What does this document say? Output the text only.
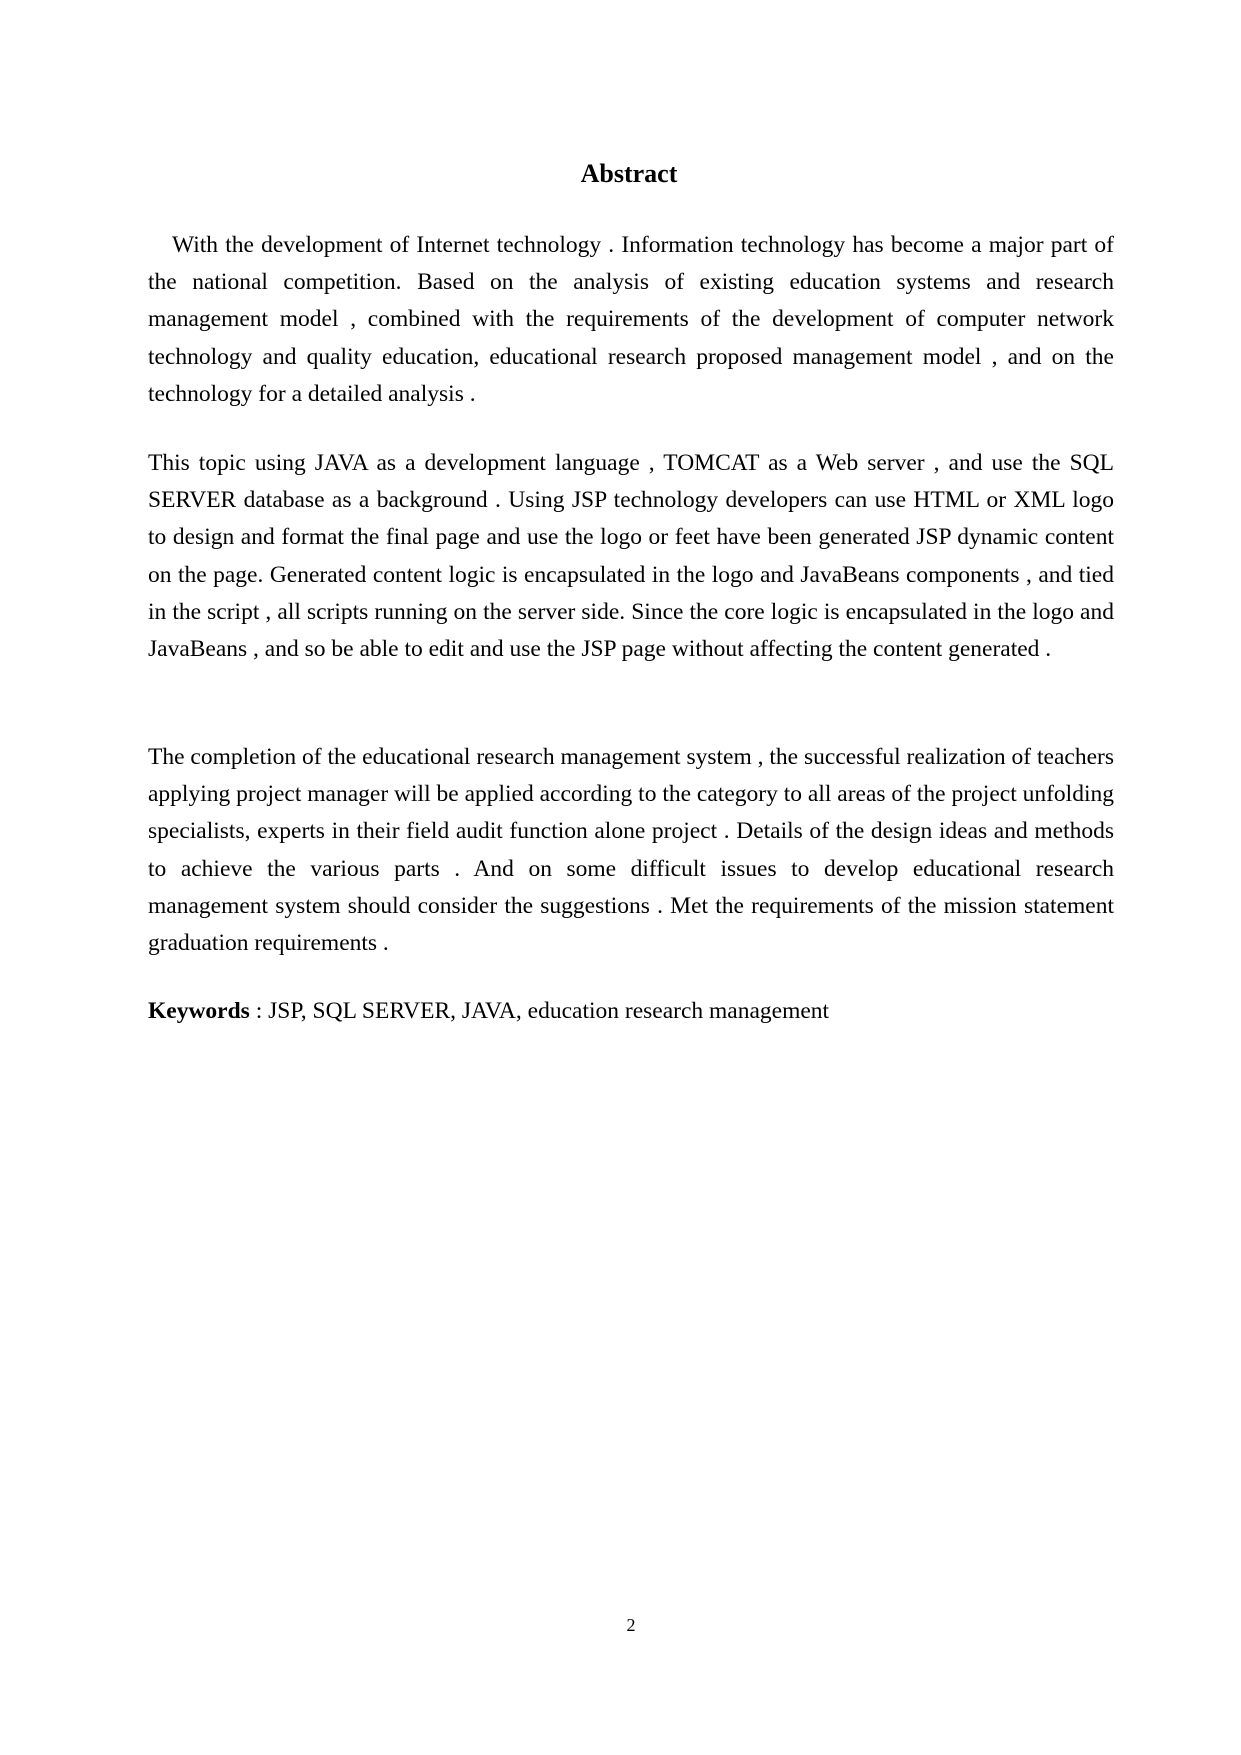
Abstract

With the development of Internet technology . Information technology has become a major part of the national competition. Based on the analysis of existing education systems and research management model , combined with the requirements of the development of computer network technology and quality education, educational research proposed management model , and on the technology for a detailed analysis .

This topic using JAVA as a development language , TOMCAT as a Web server , and use the SQL SERVER database as a background . Using JSP technology developers can use HTML or XML logo to design and format the final page and use the logo or feet have been generated JSP dynamic content on the page. Generated content logic is encapsulated in the logo and JavaBeans components , and tied in the script , all scripts running on the server side. Since the core logic is encapsulated in the logo and JavaBeans , and so be able to edit and use the JSP page without affecting the content generated .

The completion of the educational research management system , the successful realization of teachers applying project manager will be applied according to the category to all areas of the project unfolding specialists, experts in their field audit function alone project . Details of the design ideas and methods to achieve the various parts . And on some difficult issues to develop educational research management system should consider the suggestions . Met the requirements of the mission statement graduation requirements .

Keywords : JSP, SQL SERVER, JAVA, education research management

2
